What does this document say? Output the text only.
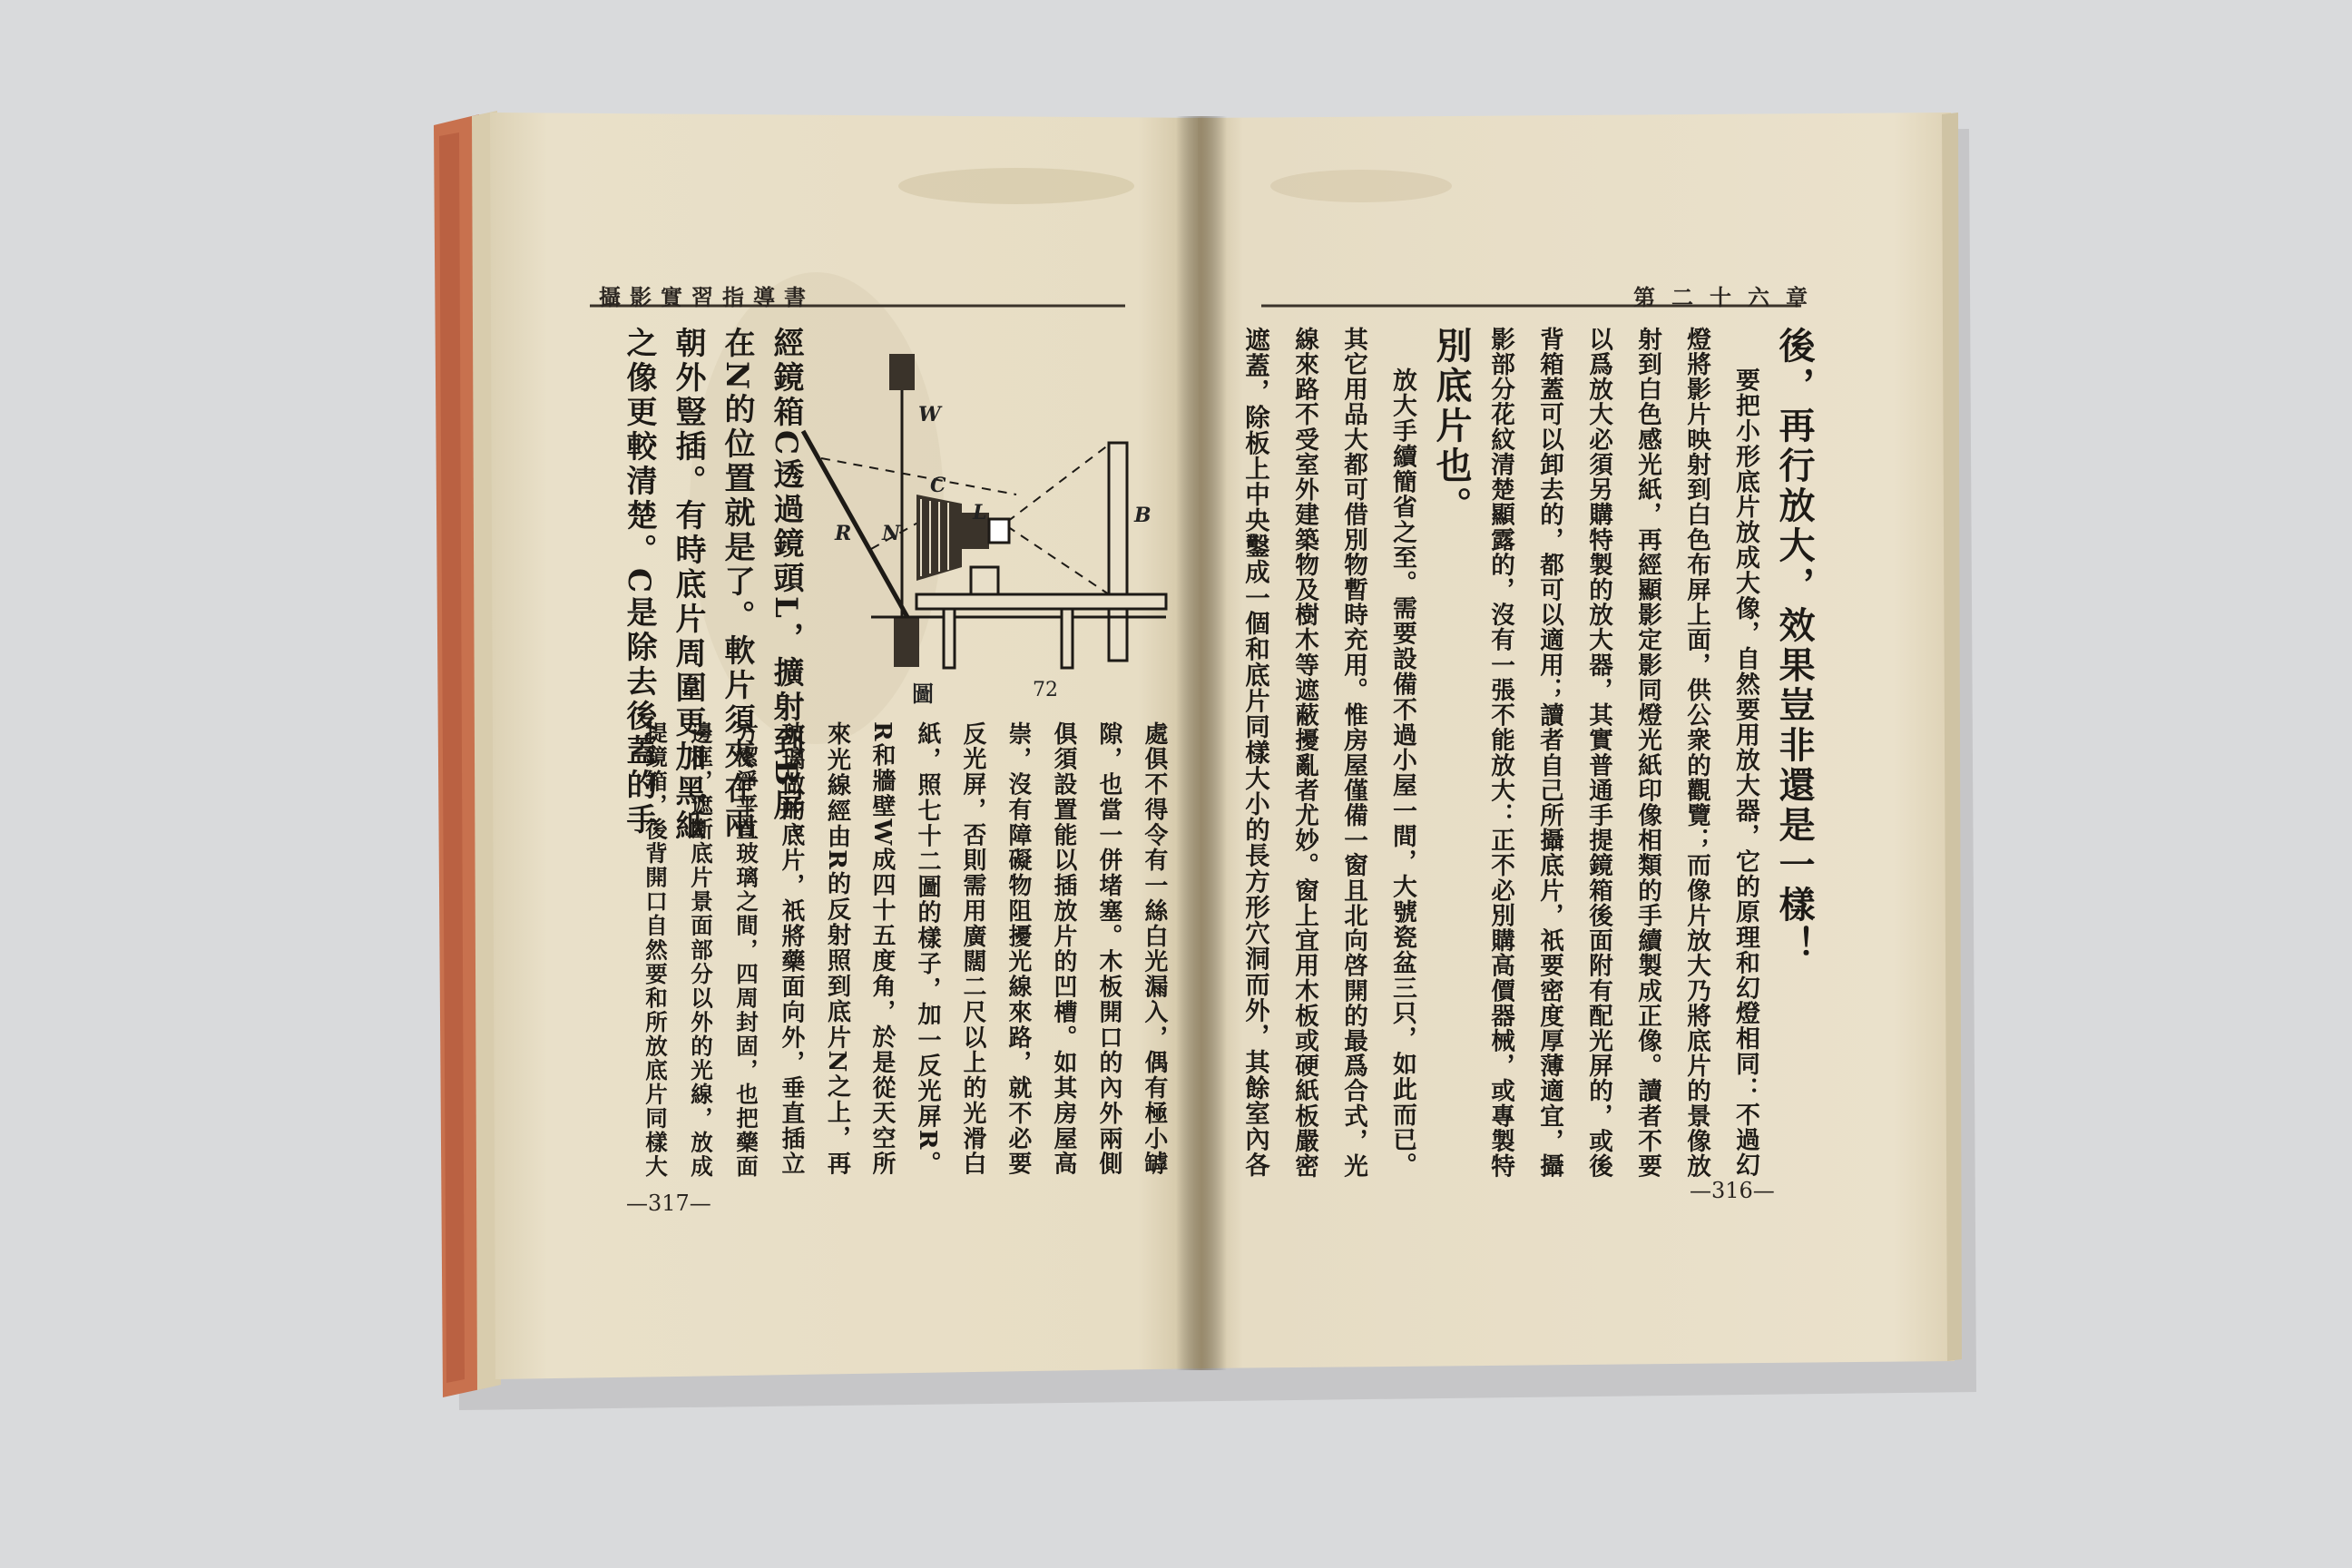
攝影實習指導書	第二十六章
W
C
L
R N
B
圖	72
經鏡箱C透過鏡頭L，擴射到B屏。
在N的位置就是了。軟片須夾在兩
朝外豎插。有時底片周圍更加黑紙
之像更較清楚。C是除去後蓋的手
處俱不得令有一絲白光漏入，偶有極小罅
隙，也當一併堵塞。木板開口的內外兩側
俱須設置能以插放片的凹槽。如其房屋高
崇，沒有障礙物阻擾光線來路，就不必要
反光屏，否則需用廣闊二尺以上的光滑白
紙，照七十二圖的樣子，加一反光屏R。
R和牆壁W成四十五度角，於是從天空所
來光線經由R的反射照到底片N之上，再
玻璃做的底片，祇將藥面向外，垂直插立
方潔淨平直玻璃之間，四周封固，也把藥面
邊框，遮斷底片景面部分以外的光線，放成
提鏡箱，後背開口自然要和所放底片同樣大	後，再行放大，效果豈非還是一樣！
要把小形底片放成大像，自然要用放大器，它的原理和幻燈相同：不過幻
燈將影片映射到白色布屏上面，供公衆的觀覽；而像片放大乃將底片的景像放
射到白色感光紙，再經顯影定影同燈光紙印像相類的手續製成正像。讀者不要
以爲放大必須另購特製的放大器，其實普通手提鏡箱後面附有配光屏的，或後
背箱蓋可以卸去的，都可以適用；讀者自己所攝底片，祇要密度厚薄適宜，攝
影部分花紋清楚顯露的，沒有一張不能放大：正不必別購高價器械，或專製特
別底片也。
放大手續簡省之至。需要設備不過小屋一間，大號瓷盆三只，如此而已。
其它用品大都可借別物暫時充用。惟房屋僅備一窗且北向啓開的最爲合式，光
線來路不受室外建築物及樹木等遮蔽擾亂者尤妙。窗上宜用木板或硬紙板嚴密
遮蓋，除板上中央鑿成一個和底片同樣大小的長方形穴洞而外，其餘室內各
—317—	—316—
